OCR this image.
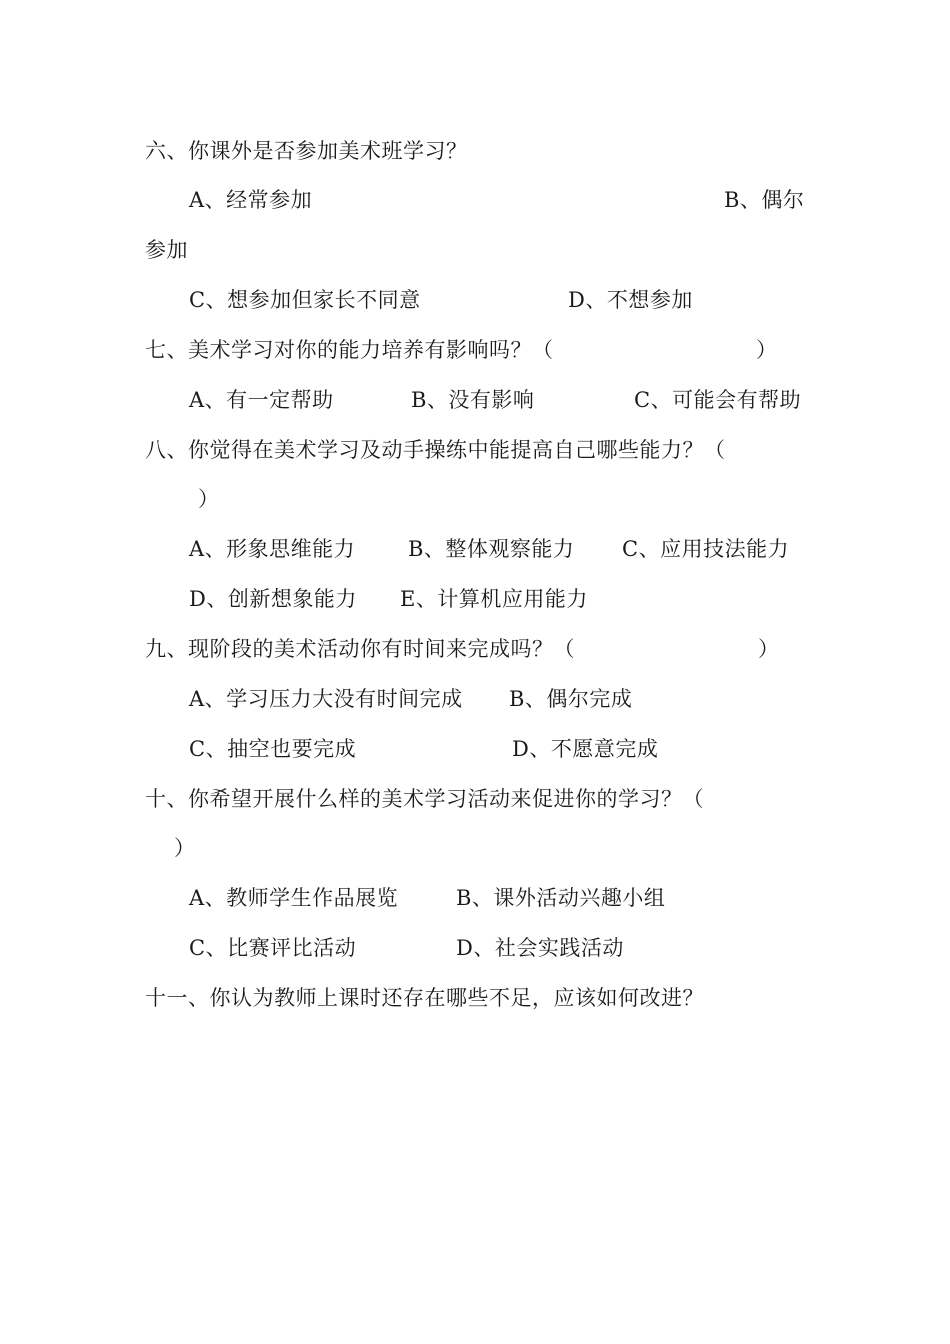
六、你课外是否参加美术班学习？
A、经常参加	B、偶尔
参加
C、想参加但家长不同意	D、不想参加
七、美术学习对你的能力培养有影响吗？（	）
A、有一定帮助	B、没有影响	C、可能会有帮助
八、你觉得在美术学习及动手操练中能提高自己哪些能力？（
）
A、形象思维能力	B、整体观察能力 C、应用技法能力
D、创新想象能力 E、计算机应用能力
九、现阶段的美术活动你有时间来完成吗？（	）
A、学习压力大没有时间完成 B、偶尔完成
C、抽空也要完成	D、不愿意完成
十、你希望开展什么样的美术学习活动来促进你的学习？（
）
A、教师学生作品展览	B、课外活动兴趣小组
C、比赛评比活动	D、社会实践活动
十一、你认为教师上课时还存在哪些不足，应该如何改进？
